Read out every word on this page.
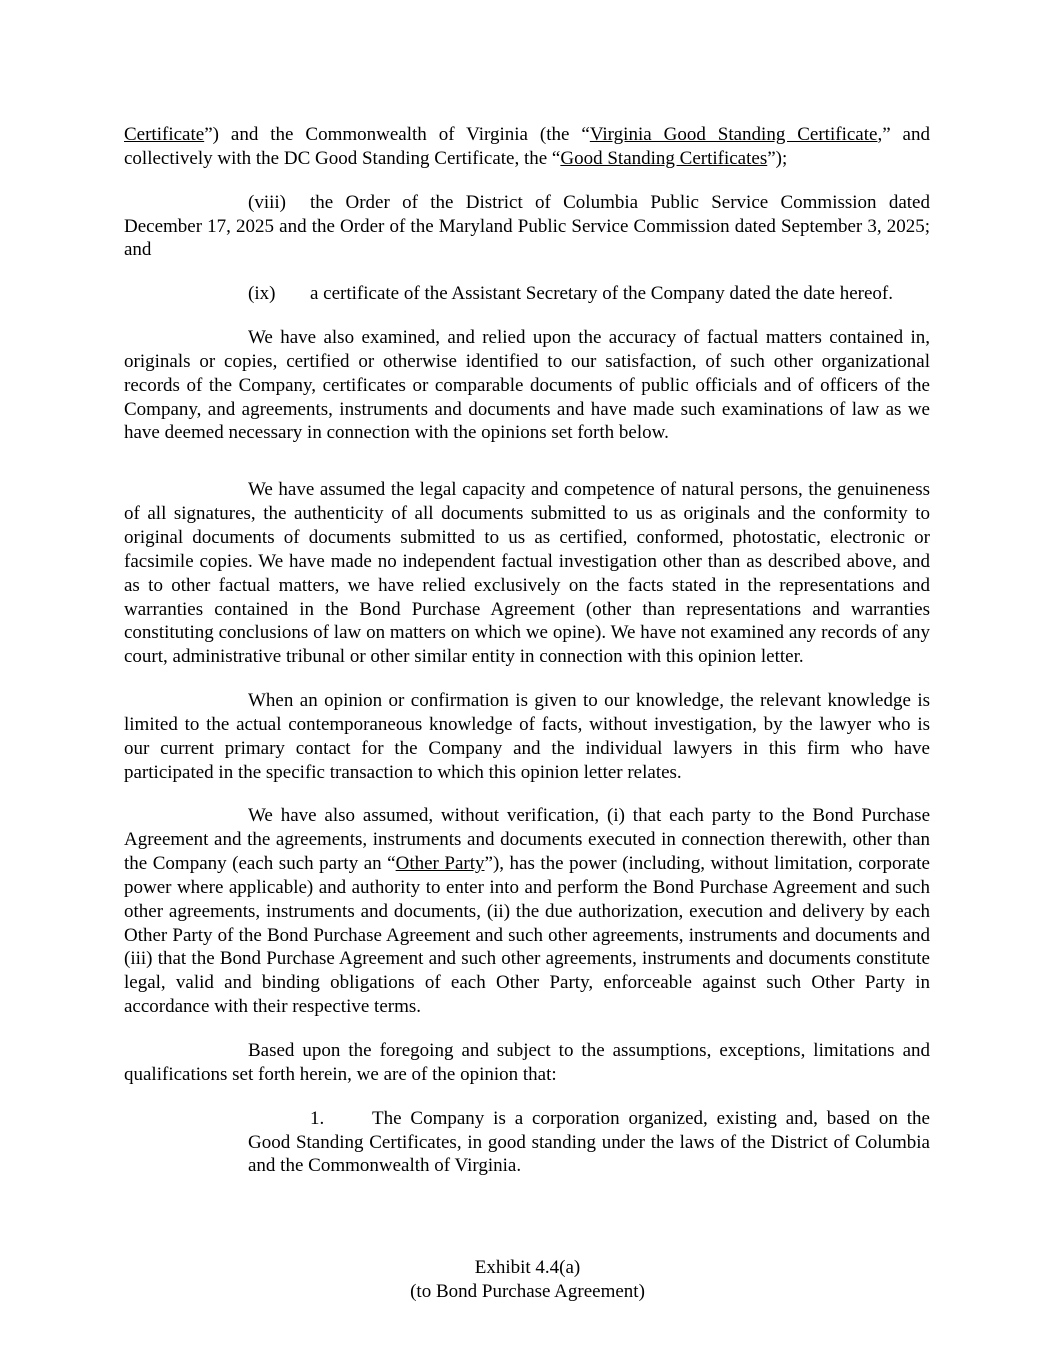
Certificate”) and the Commonwealth of Virginia (the “Virginia Good Standing Certificate,” and collectively with the DC Good Standing Certificate, the “Good Standing Certificates”);

(viii) the Order of the District of Columbia Public Service Commission dated December 17, 2025 and the Order of the Maryland Public Service Commission dated September 3, 2025; and

(ix) a certificate of the Assistant Secretary of the Company dated the date hereof.

We have also examined, and relied upon the accuracy of factual matters contained in, originals or copies, certified or otherwise identified to our satisfaction, of such other organizational records of the Company, certificates or comparable documents of public officials and of officers of the Company, and agreements, instruments and documents and have made such examinations of law as we have deemed necessary in connection with the opinions set forth below.

We have assumed the legal capacity and competence of natural persons, the genuineness of all signatures, the authenticity of all documents submitted to us as originals and the conformity to original documents of documents submitted to us as certified, conformed, photostatic, electronic or facsimile copies. We have made no independent factual investigation other than as described above, and as to other factual matters, we have relied exclusively on the facts stated in the representations and warranties contained in the Bond Purchase Agreement (other than representations and warranties constituting conclusions of law on matters on which we opine). We have not examined any records of any court, administrative tribunal or other similar entity in connection with this opinion letter.

When an opinion or confirmation is given to our knowledge, the relevant knowledge is limited to the actual contemporaneous knowledge of facts, without investigation, by the lawyer who is our current primary contact for the Company and the individual lawyers in this firm who have participated in the specific transaction to which this opinion letter relates.

We have also assumed, without verification, (i) that each party to the Bond Purchase Agreement and the agreements, instruments and documents executed in connection therewith, other than the Company (each such party an “Other Party”), has the power (including, without limitation, corporate power where applicable) and authority to enter into and perform the Bond Purchase Agreement and such other agreements, instruments and documents, (ii) the due authorization, execution and delivery by each Other Party of the Bond Purchase Agreement and such other agreements, instruments and documents and (iii) that the Bond Purchase Agreement and such other agreements, instruments and documents constitute legal, valid and binding obligations of each Other Party, enforceable against such Other Party in accordance with their respective terms.

Based upon the foregoing and subject to the assumptions, exceptions, limitations and qualifications set forth herein, we are of the opinion that:

1.	The Company is a corporation organized, existing and, based on the Good Standing Certificates, in good standing under the laws of the District of Columbia and the Commonwealth of Virginia.

Exhibit 4.4(a)
(to Bond Purchase Agreement)
